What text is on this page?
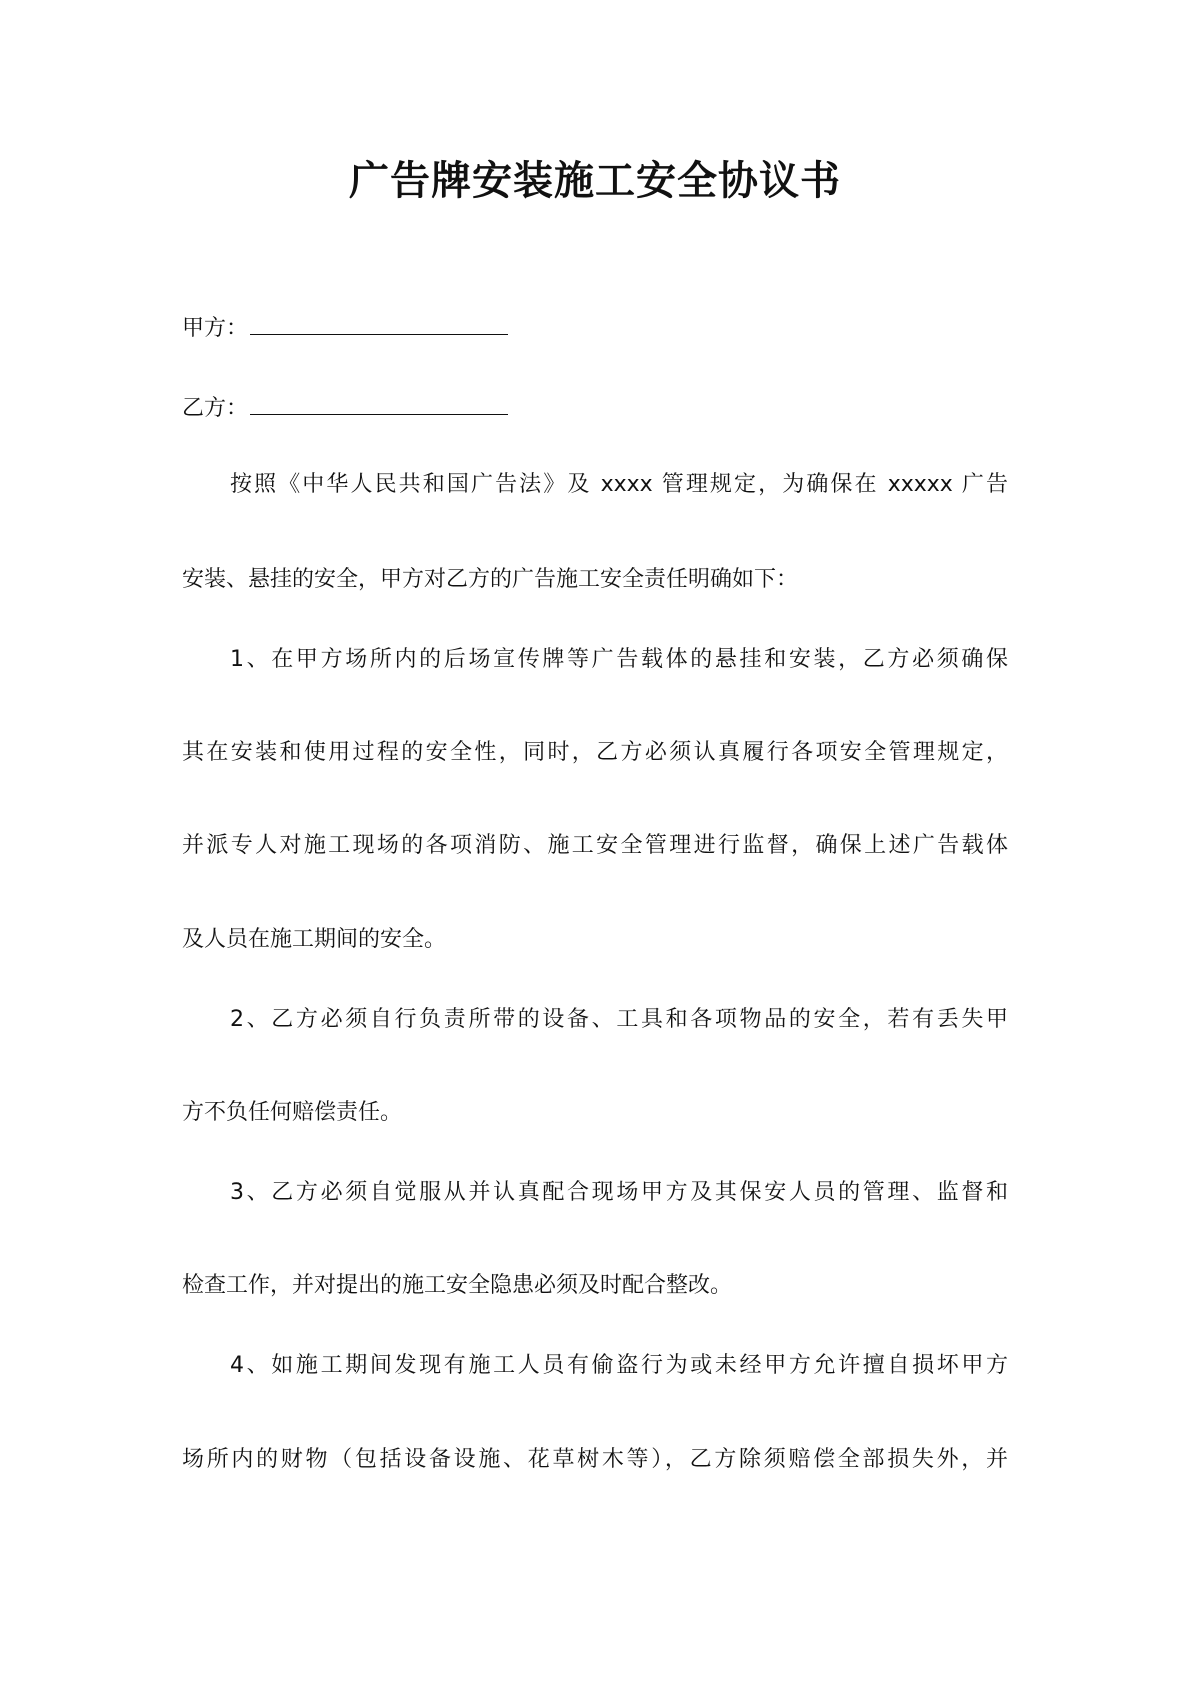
广告牌安装施工安全协议书
甲方：
乙方：
按照《中华人民共和国广告法》及 xxxx 管理规定，为确保在 xxxxx 广告
安装、悬挂的安全，甲方对乙方的广告施工安全责任明确如下：
1、在甲方场所内的后场宣传牌等广告载体的悬挂和安装，乙方必须确保
其在安装和使用过程的安全性，同时，乙方必须认真履行各项安全管理规定，
并派专人对施工现场的各项消防、施工安全管理进行监督，确保上述广告载体
及人员在施工期间的安全。
2、乙方必须自行负责所带的设备、工具和各项物品的安全，若有丢失甲
方不负任何赔偿责任。
3、乙方必须自觉服从并认真配合现场甲方及其保安人员的管理、监督和
检查工作，并对提出的施工安全隐患必须及时配合整改。
4、如施工期间发现有施工人员有偷盗行为或未经甲方允许擅自损坏甲方
场所内的财物（包括设备设施、花草树木等），乙方除须赔偿全部损失外，并
